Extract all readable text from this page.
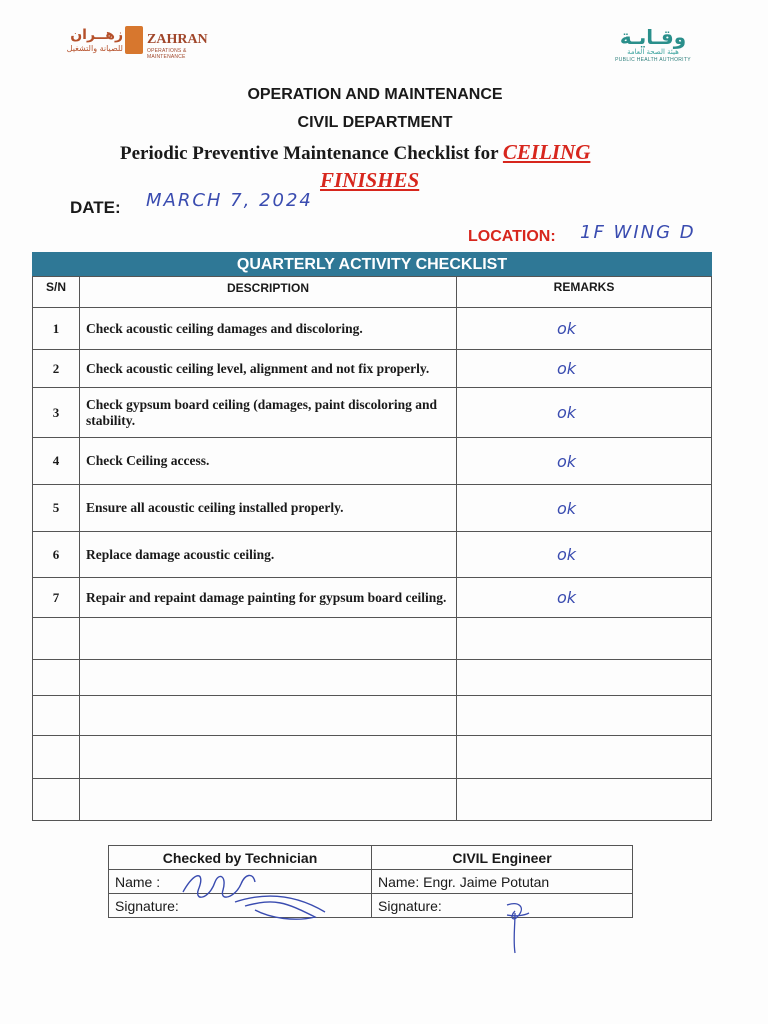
زهــران
للصيانة والتشغيل
ZAHRAN
OPERATIONS & MAINTENANCE
وقـايـة
هيئة الصحة العامة
PUBLIC HEALTH AUTHORITY
OPERATION AND MAINTENANCE
CIVIL DEPARTMENT
Periodic Preventive Maintenance Checklist for CEILING
FINISHES
DATE: MARCH 7, 2024
LOCATION: 1F WING D
QUARTERLY ACTIVITY CHECKLIST
S/N	DESCRIPTION	REMARKS
1	Check acoustic ceiling damages and discoloring.	ok
2	Check acoustic ceiling level, alignment and not fix properly.	ok
3	Check gypsum board ceiling (damages, paint discoloring and stability.	ok
4	Check Ceiling access.	ok
5	Ensure all acoustic ceiling installed properly.	ok
6	Replace damage acoustic ceiling.	ok
7	Repair and repaint damage painting for gypsum board ceiling.	ok

Checked by Technician	CIVIL Engineer
Name :	Name: Engr. Jaime Potutan
Signature:	Signature:
